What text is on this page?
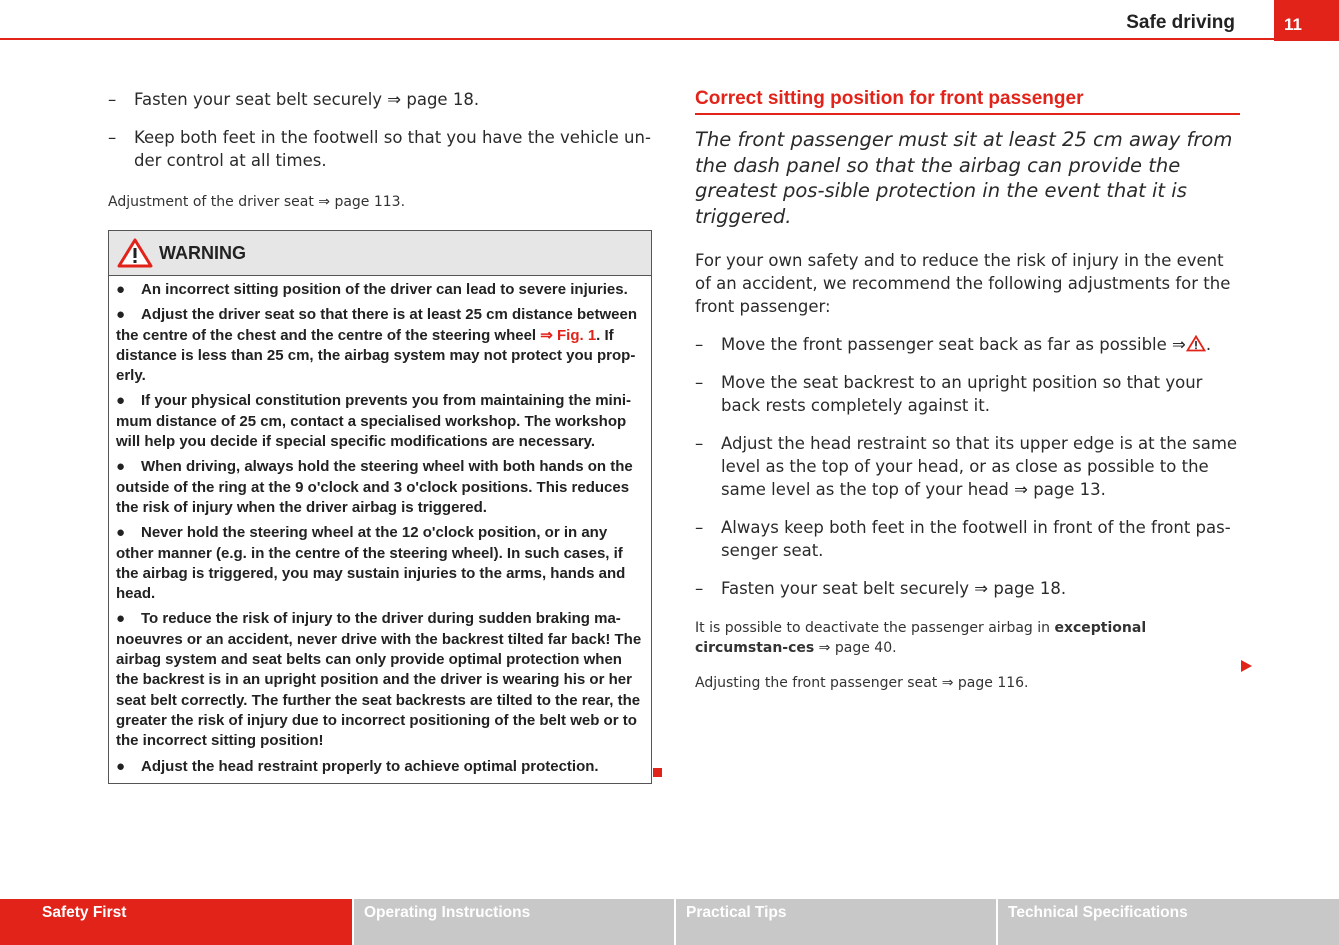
Safe driving	11
– Fasten your seat belt securely ⇒ page 18.
– Keep both feet in the footwell so that you have the vehicle un-der control at all times.
Adjustment of the driver seat ⇒ page 113.
WARNING

● An incorrect sitting position of the driver can lead to severe injuries.

● Adjust the driver seat so that there is at least 25 cm distance between the centre of the chest and the centre of the steering wheel ⇒ Fig. 1. If distance is less than 25 cm, the airbag system may not protect you prop-erly.

● If your physical constitution prevents you from maintaining the mini-mum distance of 25 cm, contact a specialised workshop. The workshop will help you decide if special specific modifications are necessary.

● When driving, always hold the steering wheel with both hands on the outside of the ring at the 9 o'clock and 3 o'clock positions. This reduces the risk of injury when the driver airbag is triggered.

● Never hold the steering wheel at the 12 o'clock position, or in any other manner (e.g. in the centre of the steering wheel). In such cases, if the airbag is triggered, you may sustain injuries to the arms, hands and head.

● To reduce the risk of injury to the driver during sudden braking ma-noeuvres or an accident, never drive with the backrest tilted far back! The airbag system and seat belts can only provide optimal protection when the backrest is in an upright position and the driver is wearing his or her seat belt correctly. The further the seat backrests are tilted to the rear, the greater the risk of injury due to incorrect positioning of the belt web or to the incorrect sitting position!

● Adjust the head restraint properly to achieve optimal protection.

Correct sitting position for front passenger
The front passenger must sit at least 25 cm away from the dash panel so that the airbag can provide the greatest pos-sible protection in the event that it is triggered.
For your own safety and to reduce the risk of injury in the event of an accident, we recommend the following adjustments for the front passenger:
– Move the front passenger seat back as far as possible ⇒ .
– Move the seat backrest to an upright position so that your back rests completely against it.
– Adjust the head restraint so that its upper edge is at the same level as the top of your head, or as close as possible to the same level as the top of your head ⇒ page 13.
– Always keep both feet in the footwell in front of the front pas-senger seat.
– Fasten your seat belt securely ⇒ page 18.
It is possible to deactivate the passenger airbag in exceptional circumstan-ces ⇒ page 40.
Adjusting the front passenger seat ⇒ page 116.
Safety First	Operating Instructions	Practical Tips	Technical Specifications
